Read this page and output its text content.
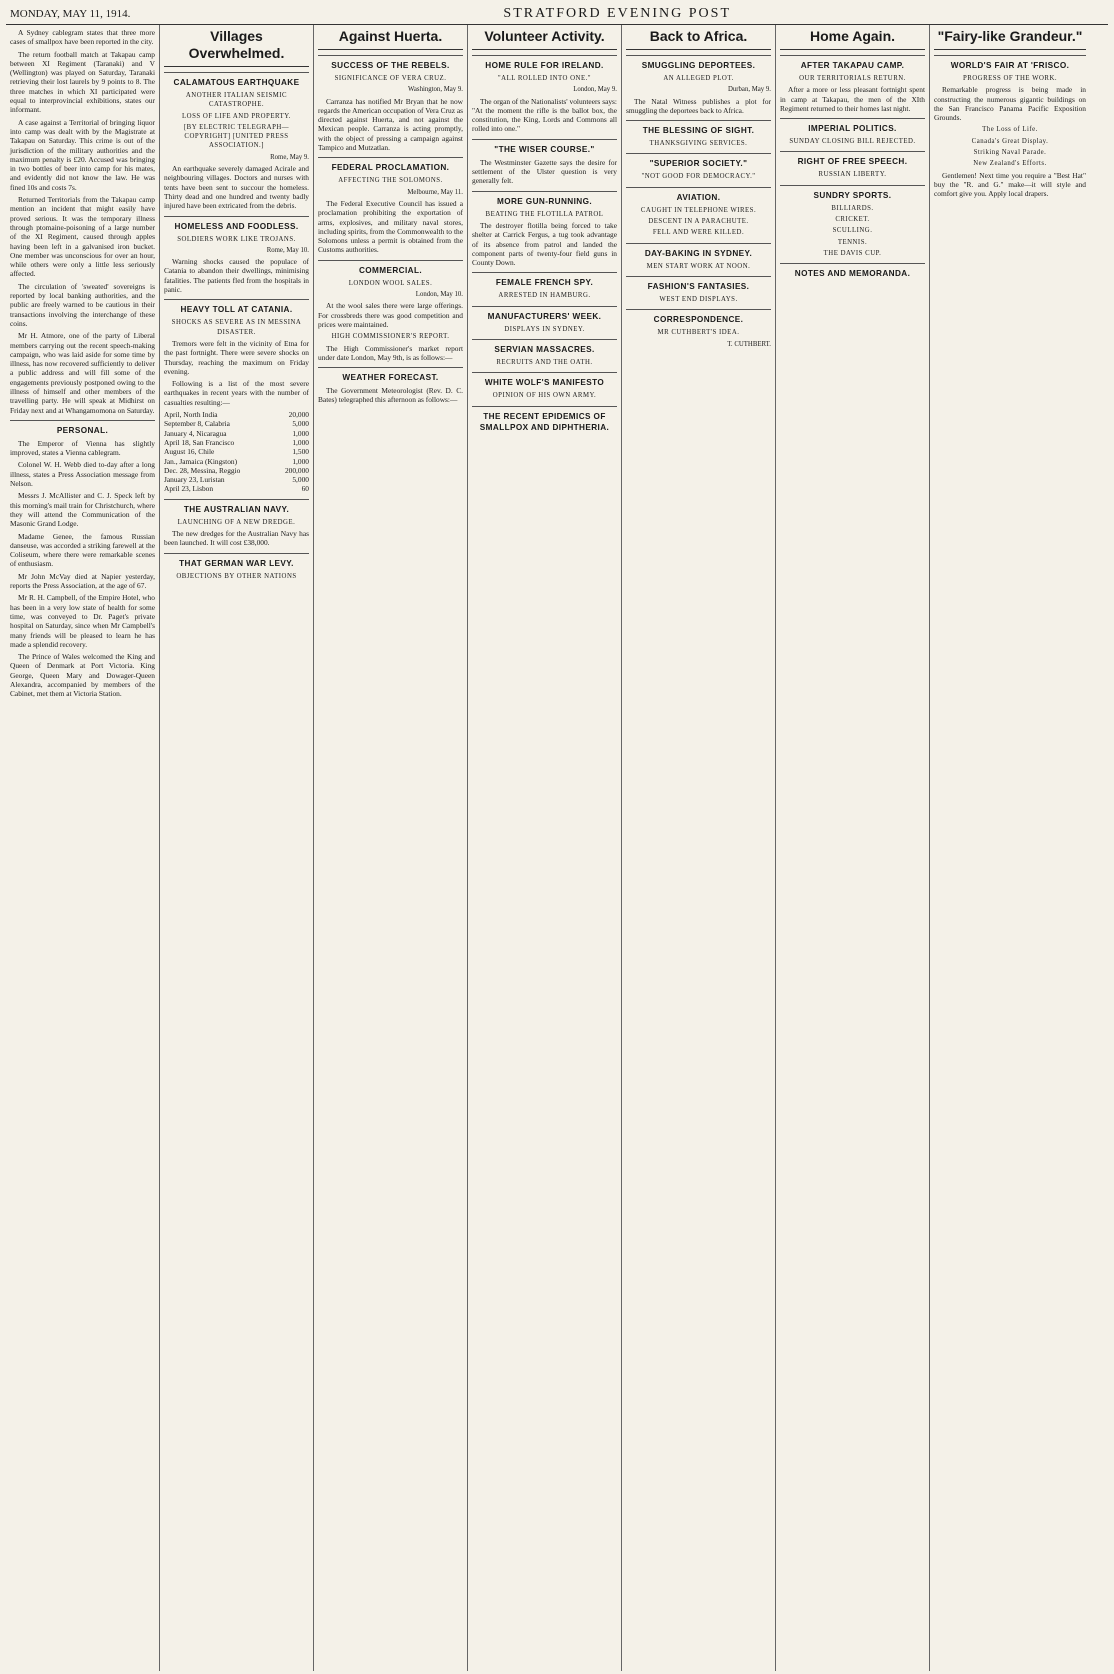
MONDAY, MAY 11, 1914.	STRATFORD EVENING POST

A Sydney cablegram states that three more cases of smallpox have been reported in the city.

The return football match at Takapau camp between XI Regiment (Taranaki) and V (Wellington) was played on Saturday, Taranaki retrieving their lost laurels by 9 points to 8. The three matches in which XI participated were equal to interprovincial exhibitions, states our informant.

A case against a Territorial of bringing liquor into camp was dealt with by the Magistrate at Takapau on Saturday. This crime is out of the jurisdiction of the military authorities and the maximum penalty is £20. Accused was bringing in two bottles of beer into camp for his mates, and evidently did not know the law. He was fined 10s and costs 7s.

Returned Territorials from the Takapau camp mention an incident that might easily have proved serious. It was the temporary illness through ptomaine-poisoning of a large number of the XI Regiment, caused through apples having been left in a galvanised iron bucket. One member was unconscious for over an hour, while others were only a little less seriously affected.

The circulation of 'sweated' sovereigns is reported by local banking authorities, and the public are freely warned to be cautious in their transactions involving the interchange of these coins.

Mr H. Atmore, one of the party of Liberal members carrying out the recent speech-making campaign, who was laid aside for some time by illness, has now recovered sufficiently to deliver a public address and will fill some of the engagements previously postponed owing to the illness of himself and other members of the travelling party. He will speak at Midhirst on Friday next and at Whangamomona on Saturday.

PERSONAL.

The Emperor of Vienna has slightly improved, states a Vienna cablegram.

Colonel W. H. Webb died to-day after a long illness, states a Press Association message from Nelson.

Messrs J. McAllister and C. J. Speck left by this morning's mail train for Christchurch, where they will attend the Communication of the Masonic Grand Lodge.

Madame Genee, the famous Russian danseuse, was accorded a striking farewell at the Coliseum, where there were remarkable scenes of enthusiasm.

Mr John McVay died at Napier yesterday, reports the Press Association, at the age of 67.

Mr R. H. Campbell, of the Empire Hotel, who has been in a very low state of health for some time, was conveyed to Dr. Paget's private hospital on Saturday, since when Mr Campbell's many friends will be pleased to learn he has made a splendid recovery.

The Prince of Wales welcomed the King and Queen of Denmark at Port Victoria. King George, Queen Mary and Dowager-Queen Alexandra, accompanied by members of the Cabinet, met them at Victoria Station.

Villages Overwhelmed.
CALAMATOUS EARTHQUAKE
ANOTHER ITALIAN SEISMIC CATASTROPHE.
LOSS OF LIFE AND PROPERTY.
[BY ELECTRIC TELEGRAPH—COPYRIGHT] [UNITED PRESS ASSOCIATION.]
Rome, May 9.

An earthquake severely damaged Acirale and neighbouring villages. Doctors and nurses with tents have been sent to succour the homeless. Thirty dead and one hundred and twenty badly injured have been extricated from the debris.

HOMELESS AND FOODLESS.
SOLDIERS WORK LIKE TROJANS.
Rome, May 10.

Warning shocks caused the populace of Catania to abandon their dwellings, minimising fatalities. The patients fled from the hospitals in panic.

HEAVY TOLL AT CATANIA.
SHOCKS AS SEVERE AS IN MESSINA DISASTER.

Tremors were felt in the vicinity of Etna for the past fortnight. There were severe shocks on Thursday, reaching the maximum on Friday evening.

Following is a list of the most severe earthquakes in recent years with the number of casualties resulting:—

April, North India	20,000
September 8, Calabria	5,000
January 4, Nicaragua	1,000
April 18, San Francisco	1,000
August 16, Chile	1,500
Jan., Jamaica (Kingston)	1,000
Dec. 28, Messina, Reggio	200,000
January 23, Luristan	5,000
April 23, Lisbon	60
THE AUSTRALIAN NAVY.
LAUNCHING OF A NEW DREDGE.

The new dredges for the Australian Navy has been launched. It will cost £38,000.

THAT GERMAN WAR LEVY.
OBJECTIONS BY OTHER NATIONS
Against Huerta.
SUCCESS OF THE REBELS.
SIGNIFICANCE OF VERA CRUZ.
Washington, May 9.

Carranza has notified Mr Bryan that he now regards the American occupation of Vera Cruz as directed against Huerta, and not against the Mexican people. Carranza is acting promptly, with the object of pressing a campaign against Tampico and Mutzatlan.

FEDERAL PROCLAMATION.
AFFECTING THE SOLOMONS.
Melbourne, May 11.

The Federal Executive Council has issued a proclamation prohibiting the exportation of arms, explosives, and military naval stores, including spirits, from the Commonwealth to the Solomons unless a permit is obtained from the Customs authorities.

COMMERCIAL.
LONDON WOOL SALES.
London, May 10.

At the wool sales there were large offerings. For crossbreds there was good competition and prices were maintained.

HIGH COMMISSIONER'S REPORT.

The High Commissioner's market report under date London, May 9th, is as follows:—

WEATHER FORECAST.

The Government Meteorologist (Rev. D. C. Bates) telegraphed this afternoon as follows:—

Volunteer Activity.
HOME RULE FOR IRELAND.
"ALL ROLLED INTO ONE."
London, May 9.

The organ of the Nationalists' volunteers says: "At the moment the rifle is the ballot box, the constitution, the King, Lords and Commons all rolled into one."

"THE WISER COURSE."

The Westminster Gazette says the desire for settlement of the Ulster question is very generally felt.

MORE GUN-RUNNING.
BEATING THE FLOTILLA PATROL

The destroyer flotilla being forced to take shelter at Carrick Fergus, a tug took advantage of its absence from patrol and landed the component parts of twenty-four field guns in County Down.

FEMALE FRENCH SPY.
ARRESTED IN HAMBURG.
MANUFACTURERS' WEEK.
DISPLAYS IN SYDNEY.
SERVIAN MASSACRES.
RECRUITS AND THE OATH.
WHITE WOLF'S MANIFESTO
OPINION OF HIS OWN ARMY.
THE RECENT EPIDEMICS OF SMALLPOX AND DIPHTHERIA.
Back to Africa.
SMUGGLING DEPORTEES.
AN ALLEGED PLOT.
Durban, May 9.

The Natal Witness publishes a plot for smuggling the deportees back to Africa.

THE BLESSING OF SIGHT.
THANKSGIVING SERVICES.
"SUPERIOR SOCIETY."
"NOT GOOD FOR DEMOCRACY."
AVIATION.
CAUGHT IN TELEPHONE WIRES.
DESCENT IN A PARACHUTE.
FELL AND WERE KILLED.
DAY-BAKING IN SYDNEY.
MEN START WORK AT NOON.
FASHION'S FANTASIES.
WEST END DISPLAYS.
CORRESPONDENCE.
MR CUTHBERT'S IDEA.
T. CUTHBERT.
Home Again.
AFTER TAKAPAU CAMP.
OUR TERRITORIALS RETURN.

After a more or less pleasant fortnight spent in camp at Takapau, the men of the XIth Regiment returned to their homes last night.

IMPERIAL POLITICS.
SUNDAY CLOSING BILL REJECTED.
RIGHT OF FREE SPEECH.
RUSSIAN LIBERTY.
SUNDRY SPORTS.
BILLIARDS.
CRICKET.
SCULLING.
TENNIS.
THE DAVIS CUP.
NOTES AND MEMORANDA.
"Fairy-like Grandeur."
WORLD'S FAIR AT 'FRISCO.
PROGRESS OF THE WORK.

Remarkable progress is being made in constructing the numerous gigantic buildings on the San Francisco Panama Pacific Exposition Grounds.

The Loss of Life.
Canada's Great Display.
Striking Naval Parade.
New Zealand's Efforts.

Gentlemen! Next time you require a "Best Hat" buy the "R. and G." make—it will style and comfort give you. Apply local drapers.
